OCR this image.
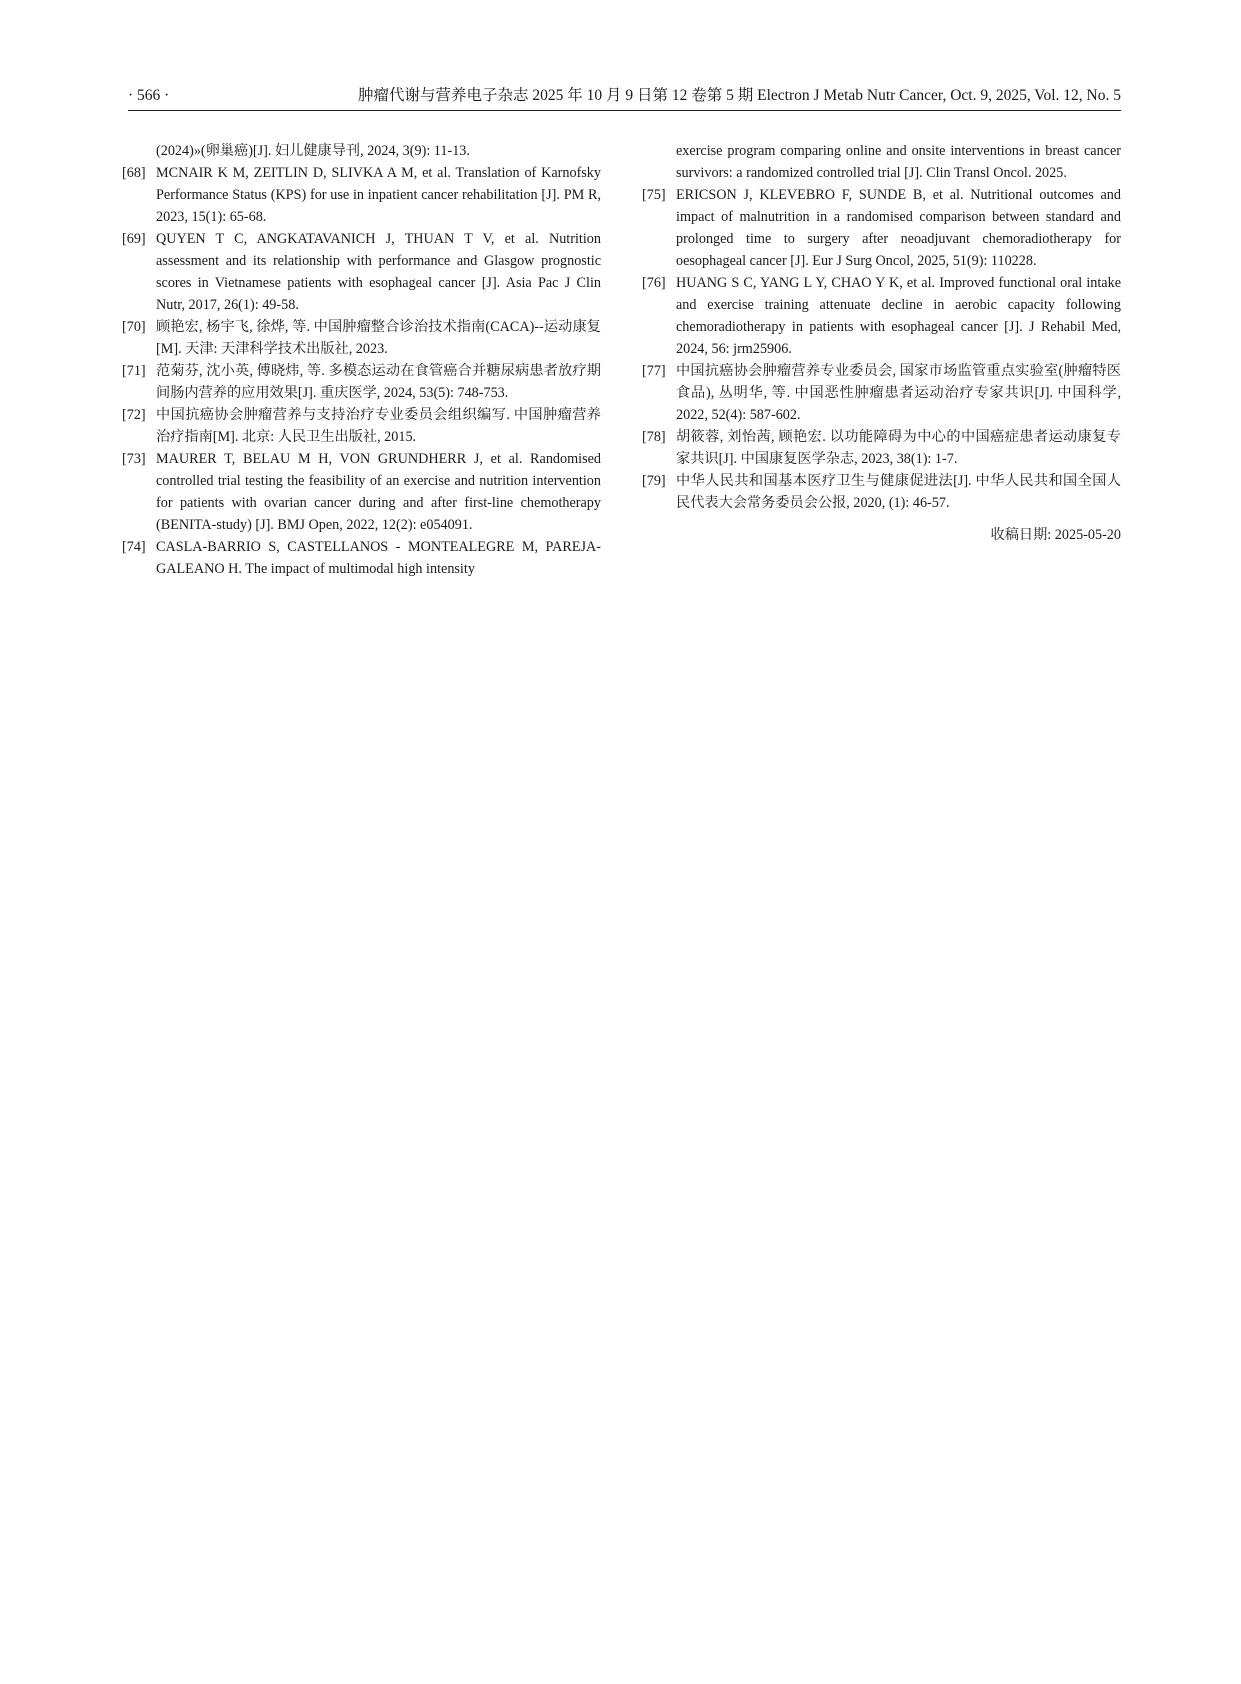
· 566 ·	肿瘤代谢与营养电子杂志 2025 年 10 月 9 日第 12 卷第 5 期 Electron J Metab Nutr Cancer, Oct. 9, 2025, Vol. 12, No. 5
(2024)»(卵巢癌)[J]. 妇儿健康导刊, 2024, 3(9): 11-13.
[68] MCNAIR K M, ZEITLIN D, SLIVKA A M, et al. Translation of Karnofsky Performance Status (KPS) for use in inpatient cancer rehabilitation [J]. PM R, 2023, 15(1): 65-68.
[69] QUYEN T C, ANGKATAVANICH J, THUAN T V, et al. Nutrition assessment and its relationship with performance and Glasgow prognostic scores in Vietnamese patients with esophageal cancer [J]. Asia Pac J Clin Nutr, 2017, 26(1): 49-58.
[70] 顾艳宏, 杨宇飞, 徐烨, 等. 中国肿瘤整合诊治技术指南(CACA)--运动康复[M]. 天津: 天津科学技术出版社, 2023.
[71] 范菊芬, 沈小英, 傅晓炜, 等. 多模态运动在食管癌合并糖尿病患者放疗期间肠内营养的应用效果[J]. 重庆医学, 2024, 53(5): 748-753.
[72] 中国抗癌协会肿瘤营养与支持治疗专业委员会组织编写. 中国肿瘤营养治疗指南[M]. 北京: 人民卫生出版社, 2015.
[73] MAURER T, BELAU M H, VON GRUNDHERR J, et al. Randomised controlled trial testing the feasibility of an exercise and nutrition intervention for patients with ovarian cancer during and after first-line chemotherapy (BENITA-study) [J]. BMJ Open, 2022, 12(2): e054091.
[74] CASLA-BARRIO S, CASTELLANOS - MONTEALEGRE M, PAREJA-GALEANO H. The impact of multimodal high intensity
exercise program comparing online and onsite interventions in breast cancer survivors: a randomized controlled trial [J]. Clin Transl Oncol. 2025.
[75] ERICSON J, KLEVEBRO F, SUNDE B, et al. Nutritional outcomes and impact of malnutrition in a randomised comparison between standard and prolonged time to surgery after neoadjuvant chemoradiotherapy for oesophageal cancer [J]. Eur J Surg Oncol, 2025, 51(9): 110228.
[76] HUANG S C, YANG L Y, CHAO Y K, et al. Improved functional oral intake and exercise training attenuate decline in aerobic capacity following chemoradiotherapy in patients with esophageal cancer [J]. J Rehabil Med, 2024, 56: jrm25906.
[77] 中国抗癌协会肿瘤营养专业委员会, 国家市场监管重点实验室(肿瘤特医食品), 丛明华, 等. 中国恶性肿瘤患者运动治疗专家共识[J]. 中国科学, 2022, 52(4): 587-602.
[78] 胡筱蓉, 刘怡茜, 顾艳宏. 以功能障碍为中心的中国癌症患者运动康复专家共识[J]. 中国康复医学杂志, 2023, 38(1): 1-7.
[79] 中华人民共和国基本医疗卫生与健康促进法[J]. 中华人民共和国全国人民代表大会常务委员会公报, 2020, (1): 46-57.
收稿日期: 2025-05-20
